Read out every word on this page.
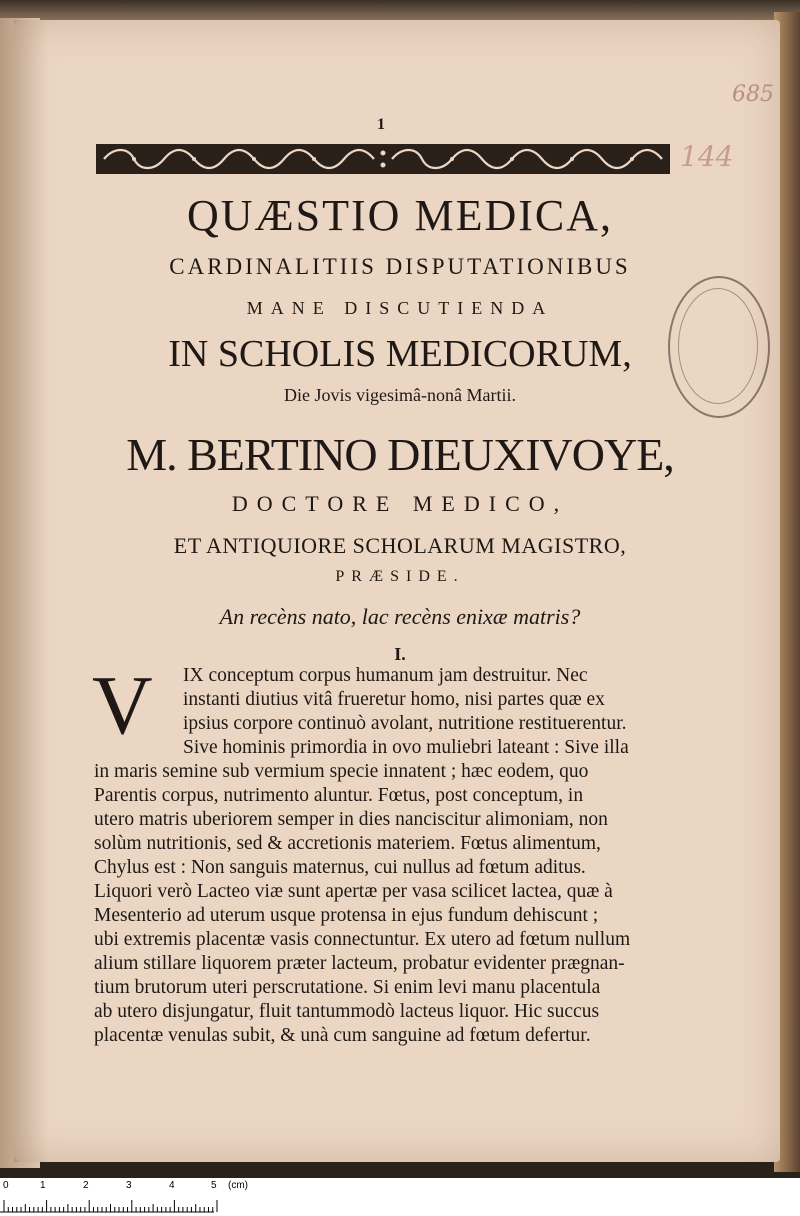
685
144
1
QUÆSTIO MEDICA,
CARDINALITIIS DISPUTATIONIBUS
MANE DISCUTIENDA
IN SCHOLIS MEDICORUM,
Die Jovis vigesimâ-nonâ Martii.
M. BERTINO DIEUXIVOYE,
DOCTORE MEDICO,
ET ANTIQUIORE SCHOLARUM MAGISTRO,
PRÆSIDE.
An recèns nato, lac recèns enixæ matris?
I.
V	IX conceptum corpus humanum jam destruitur. Nec
instanti diutius vitâ frueretur homo, nisi partes quæ ex
ipsius corpore continuò avolant, nutritione restituerentur.
Sive hominis primordia in ovo muliebri lateant : Sive illa
in maris semine sub vermium specie innatent ; hæc eodem, quo
Parentis corpus, nutrimento aluntur. Fœtus, post conceptum, in
utero matris uberiorem semper in dies nanciscitur alimoniam, non
solùm nutritionis, sed & accretionis materiem. Fœtus alimentum,
Chylus est : Non sanguis maternus, cui nullus ad fœtum aditus.
Liquori verò Lacteo viæ sunt apertæ per vasa scilicet lactea, quæ à
Mesenterio ad uterum usque protensa in ejus fundum dehiscunt ;
ubi extremis placentæ vasis connectuntur. Ex utero ad fœtum nullum
alium stillare liquorem præter lacteum, probatur evidenter prægnan-
tium brutorum uteri perscrutatione. Si enim levi manu placentula
ab utero disjungatur, fluit tantummodò lacteus liquor. Hic succus
placentæ venulas subit, & unà cum sanguine ad fœtum defertur.
0	1	2	3	4	5 (cm)
